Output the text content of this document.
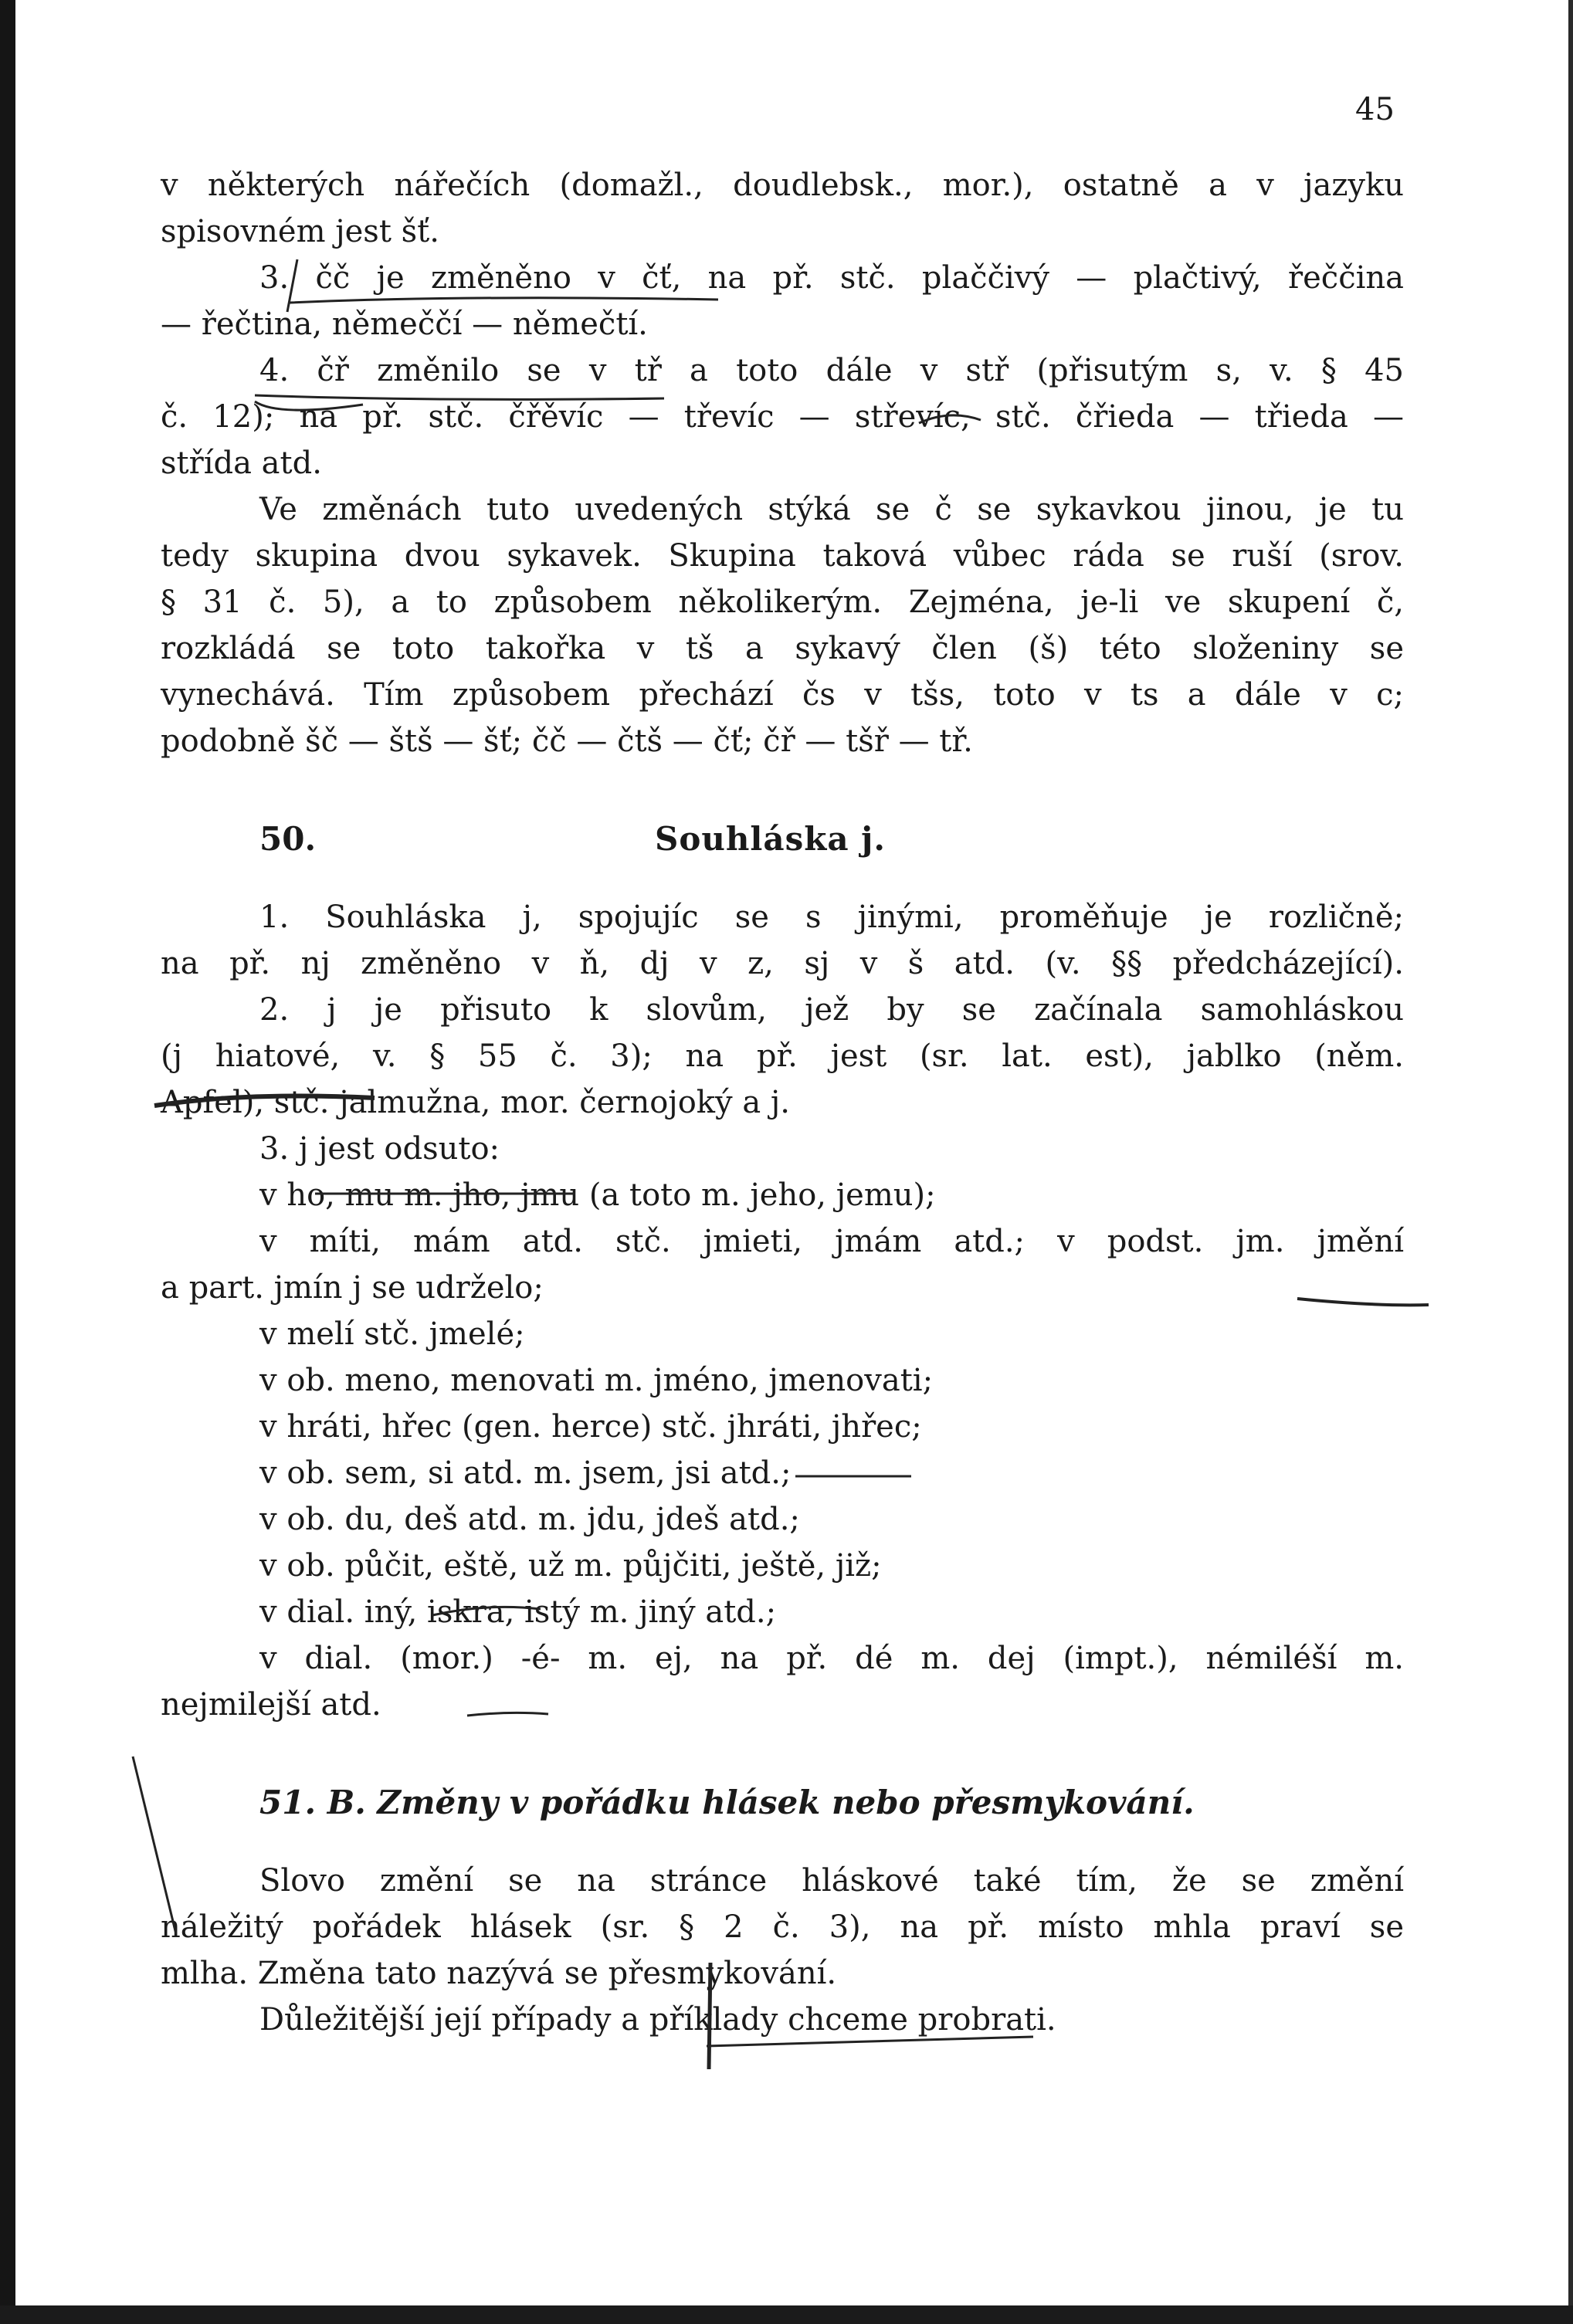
45
v některých nářečích (domažl., doudlebsk., mor.), ostatně a v jazyku
spisovném jest šť.
3. čč je změněno v čť, na př. stč. plaččivý — plačtivý, řeččina
— řečtina, němeččí — němečtí.
4. čř změnilo se v tř a toto dále v stř (přisutým s, v. § 45
č. 12); na př. stč. čřěvíc — třevíc — střevíc, stč. čřieda — třieda —
střída atd.
Ve změnách tuto uvedených stýká se č se sykavkou jinou, je tu
tedy skupina dvou sykavek. Skupina taková vůbec ráda se ruší (srov.
§ 31 č. 5), a to způsobem několikerým. Zejména, je-li ve skupení č,
rozkládá se toto takořka v tš a sykavý člen (š) této složeniny se
vynechává. Tím způsobem přechází čs v tšs, toto v ts a dále v c;
podobně šč — štš — šť; čč — čtš — čť; čř — tšř — tř.
50.	Souhláska j.
1. Souhláska j, spojujíc se s jinými, proměňuje je rozličně;
na př. nj změněno v ň, dj v z, sj v š atd. (v. §§ předcházející).
2. j je přisuto k slovům, jež by se začínala samohláskou
(j hiatové, v. § 55 č. 3); na př. jest (sr. lat. est), jablko (něm.
Apfel), stč. jalmužna, mor. černojoký a j.
3. j jest odsuto:
v ho, mu m. jho, jmu (a toto m. jeho, jemu);
v míti, mám atd. stč. jmieti, jmám atd.; v podst. jm. jmění
a part. jmín j se udrželo;
v melí stč. jmelé;
v ob. meno, menovati m. jméno, jmenovati;
v hráti, hřec (gen. herce) stč. jhráti, jhřec;
v ob. sem, si atd. m. jsem, jsi atd.;
v ob. du, deš atd. m. jdu, jdeš atd.;
v ob. půčit, eště, už m. půjčiti, ještě, již;
v dial. iný, iskra, istý m. jiný atd.;
v dial. (mor.) -é- m. ej, na př. dé m. dej (impt.), némiléší m.
nejmilejší atd.
51. B. Změny v pořádku hlásek nebo přesmykování.
Slovo změní se na stránce hláskové také tím, že se změní
náležitý pořádek hlásek (sr. § 2 č. 3), na př. místo mhla praví se
mlha. Změna tato nazývá se přesmykování.
Důležitější její případy a příklady chceme probrati.
